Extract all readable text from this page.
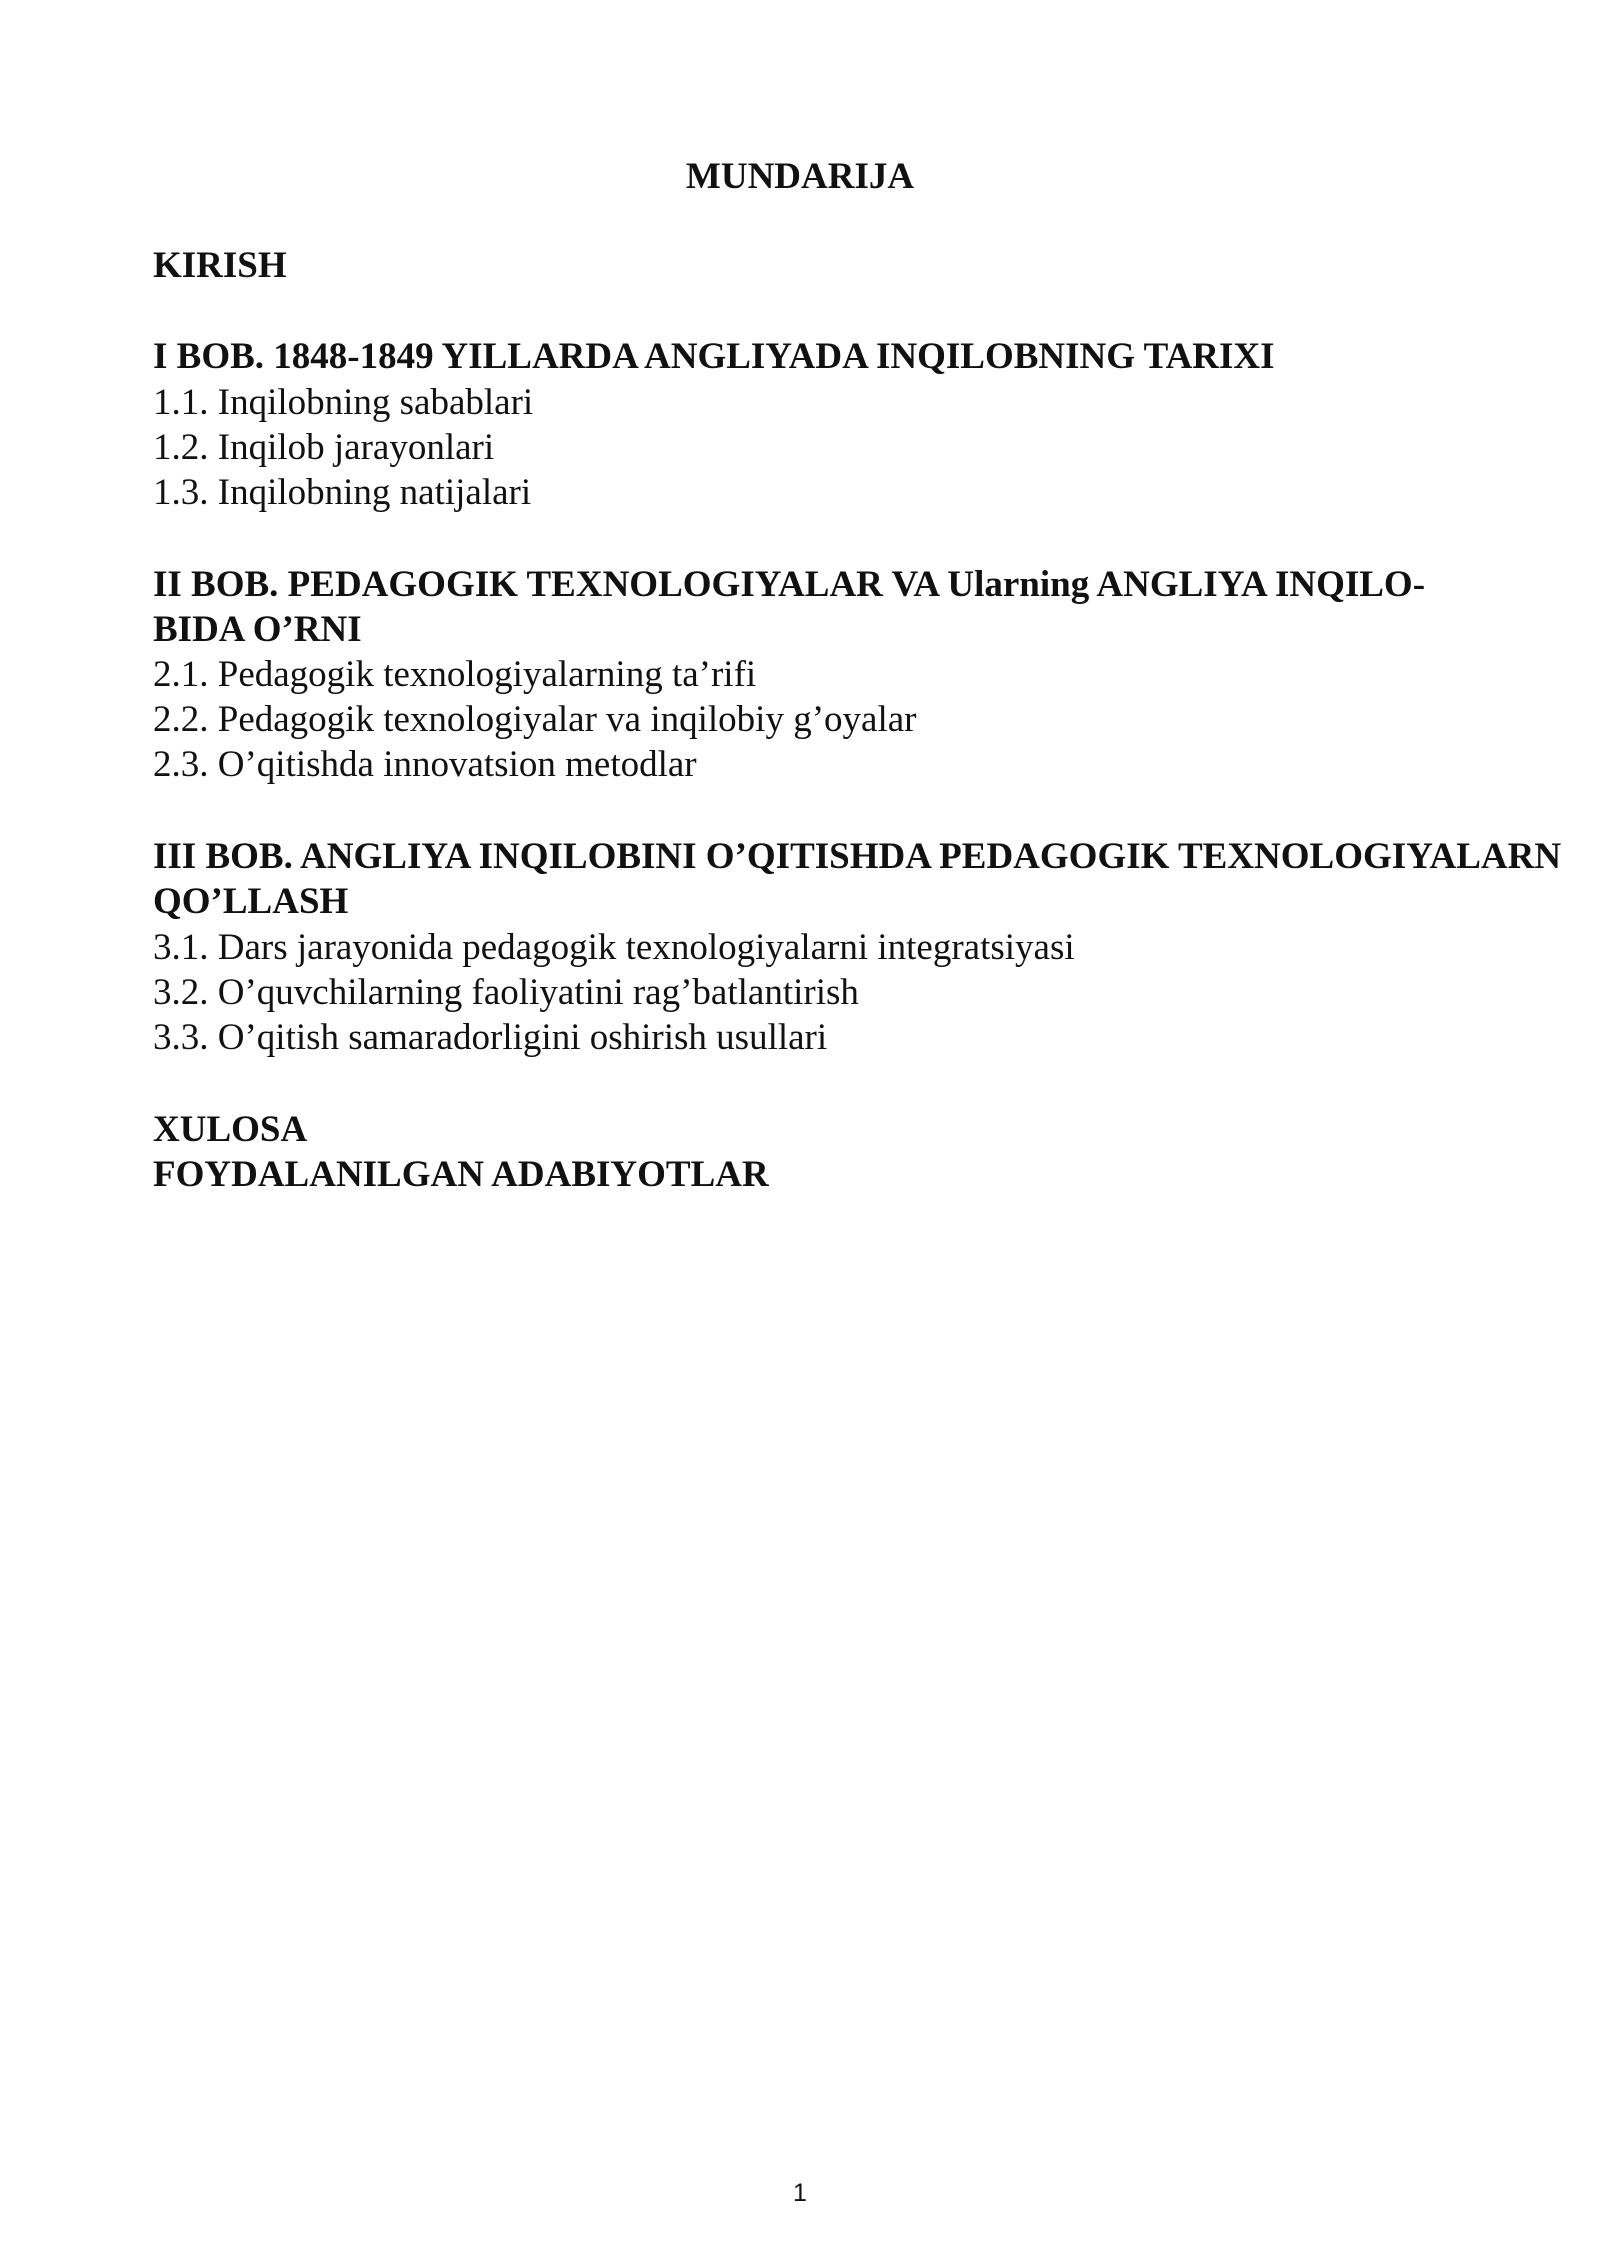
MUNDARIJA
KIRISH
I BOB. 1848-1849 YILLARDA ANGLIYADA INQILOBNING TARIXI
1.1. Inqilobning sabablari
1.2. Inqilob jarayonlari
1.3. Inqilobning natijalari
II BOB. PEDAGOGIK TEXNOLOGIYALAR VA Ularning ANGLIYA INQILO-
BIDA O’RNI
2.1. Pedagogik texnologiyalarning ta’rifi
2.2. Pedagogik texnologiyalar va inqilobiy g’oyalar
2.3. O’qitishda innovatsion metodlar
III BOB. ANGLIYA INQILOBINI O’QITISHDA PEDAGOGIK TEXNOLOGIYALARN
QO’LLASH
3.1. Dars jarayonida pedagogik texnologiyalarni integratsiyasi
3.2. O’quvchilarning faoliyatini rag’batlantirish
3.3. O’qitish samaradorligini oshirish usullari
XULOSA
FOYDALANILGAN ADABIYOTLAR
1
